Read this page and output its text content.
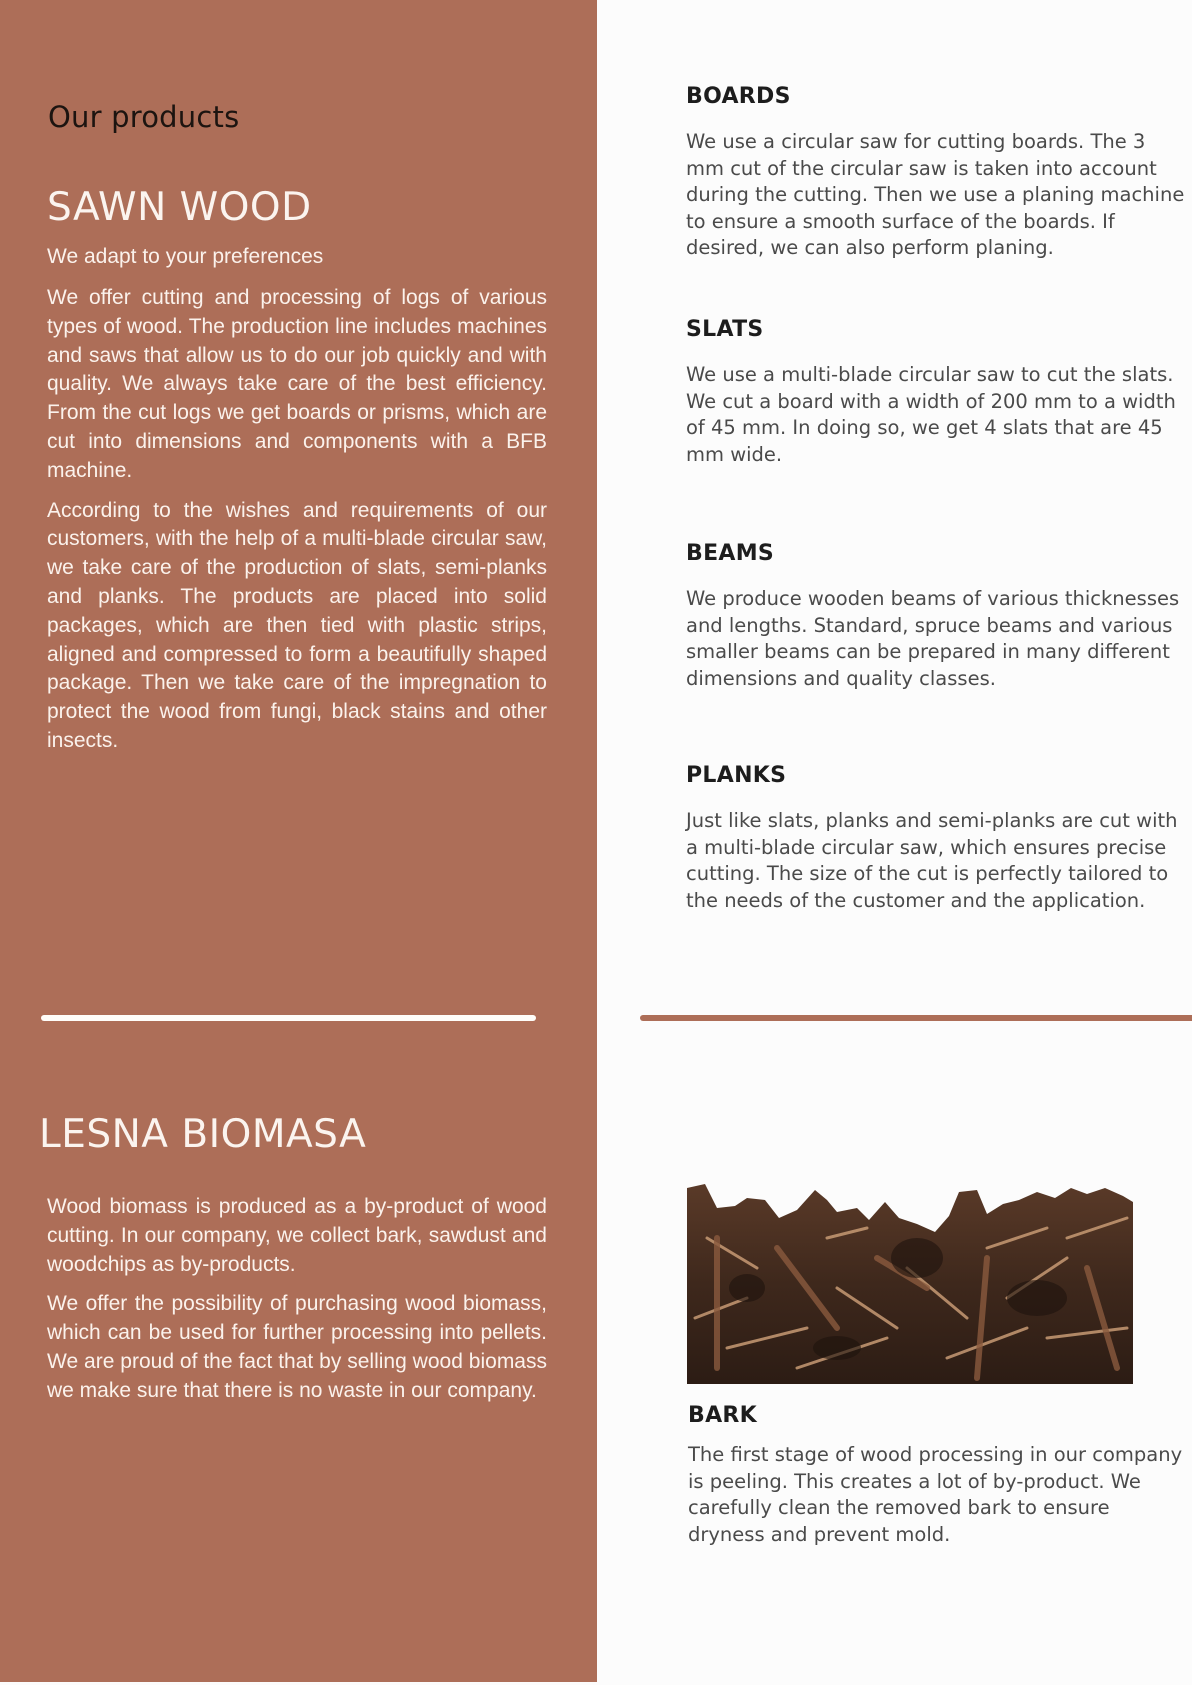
Our products
SAWN WOOD
We adapt to your preferences

We offer cutting and processing of logs of various types of wood. The production line includes machines and saws that allow us to do our job quickly and with quality. We always take care of the best efficiency. From the cut logs we get boards or prisms, which are cut into dimensions and components with a BFB machine.

According to the wishes and requirements of our customers, with the help of a multi-blade circular saw, we take care of the production of slats, semi-planks and planks. The products are placed into solid packages, which are then tied with plastic strips, aligned and compressed to form a beautifully shaped package. Then we take care of the impregnation to protect the wood from fungi, black stains and other insects.

LESNA BIOMASA

Wood biomass is produced as a by-product of wood cutting. In our company, we collect bark, sawdust and woodchips as by-products.

We offer the possibility of purchasing wood biomass, which can be used for further processing into pellets. We are proud of the fact that by selling wood biomass we make sure that there is no waste in our company.

BOARDS

We use a circular saw for cutting boards. The 3 mm cut of the circular saw is taken into account during the cutting. Then we use a planing machine to ensure a smooth surface of the boards. If desired, we can also perform planing.

SLATS

We use a multi-blade circular saw to cut the slats. We cut a board with a width of 200 mm to a width of 45 mm. In doing so, we get 4 slats that are 45 mm wide.

BEAMS

We produce wooden beams of various thicknesses and lengths. Standard, spruce beams and various smaller beams can be prepared in many different dimensions and quality classes.

PLANKS

Just like slats, planks and semi-planks are cut with a multi-blade circular saw, which ensures precise cutting. The size of the cut is perfectly tailored to the needs of the customer and the application.

BARK

The first stage of wood processing in our company is peeling. This creates a lot of by-product. We carefully clean the removed bark to ensure dryness and prevent mold.
